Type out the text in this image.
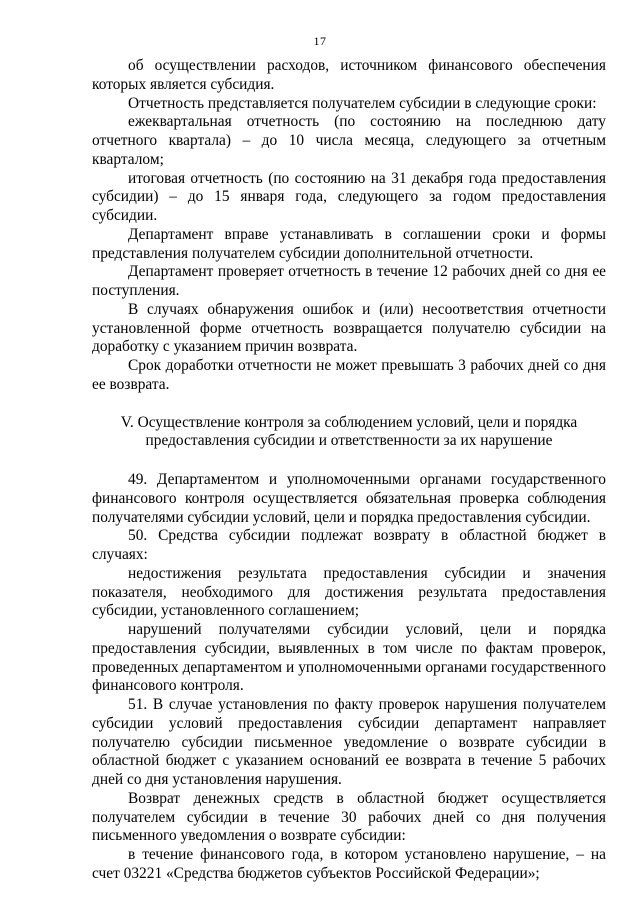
17

об осуществлении расходов, источником финансового обеспечения которых является субсидия.

Отчетность представляется получателем субсидии в следующие сроки:

ежеквартальная отчетность (по состоянию на последнюю дату отчетного квартала) – до 10 числа месяца, следующего за отчетным кварталом;

итоговая отчетность (по состоянию на 31 декабря года предоставления субсидии) – до 15 января года, следующего за годом предоставления субсидии.

Департамент вправе устанавливать в соглашении сроки и формы представления получателем субсидии дополнительной отчетности.

Департамент проверяет отчетность в течение 12 рабочих дней со дня ее поступления.

В случаях обнаружения ошибок и (или) несоответствия отчетности установленной форме отчетность возвращается получателю субсидии на доработку с указанием причин возврата.

Срок доработки отчетности не может превышать 3 рабочих дней со дня ее возврата.

V. Осуществление контроля за соблюдением условий, цели и порядка предоставления субсидии и ответственности за их нарушение

49. Департаментом и уполномоченными органами государственного финансового контроля осуществляется обязательная проверка соблюдения получателями субсидии условий, цели и порядка предоставления субсидии.

50. Средства субсидии подлежат возврату в областной бюджет в случаях:

недостижения результата предоставления субсидии и значения показателя, необходимого для достижения результата предоставления субсидии, установленного соглашением;

нарушений получателями субсидии условий, цели и порядка предоставления субсидии, выявленных в том числе по фактам проверок, проведенных департаментом и уполномоченными органами государственного финансового контроля.

51. В случае установления по факту проверок нарушения получателем субсидии условий предоставления субсидии департамент направляет получателю субсидии письменное уведомление о возврате субсидии в областной бюджет с указанием оснований ее возврата в течение 5 рабочих дней со дня установления нарушения.

Возврат денежных средств в областной бюджет осуществляется получателем субсидии в течение 30 рабочих дней со дня получения письменного уведомления о возврате субсидии:

в течение финансового года, в котором установлено нарушение, – на счет 03221 «Средства бюджетов субъектов Российской Федерации»;
